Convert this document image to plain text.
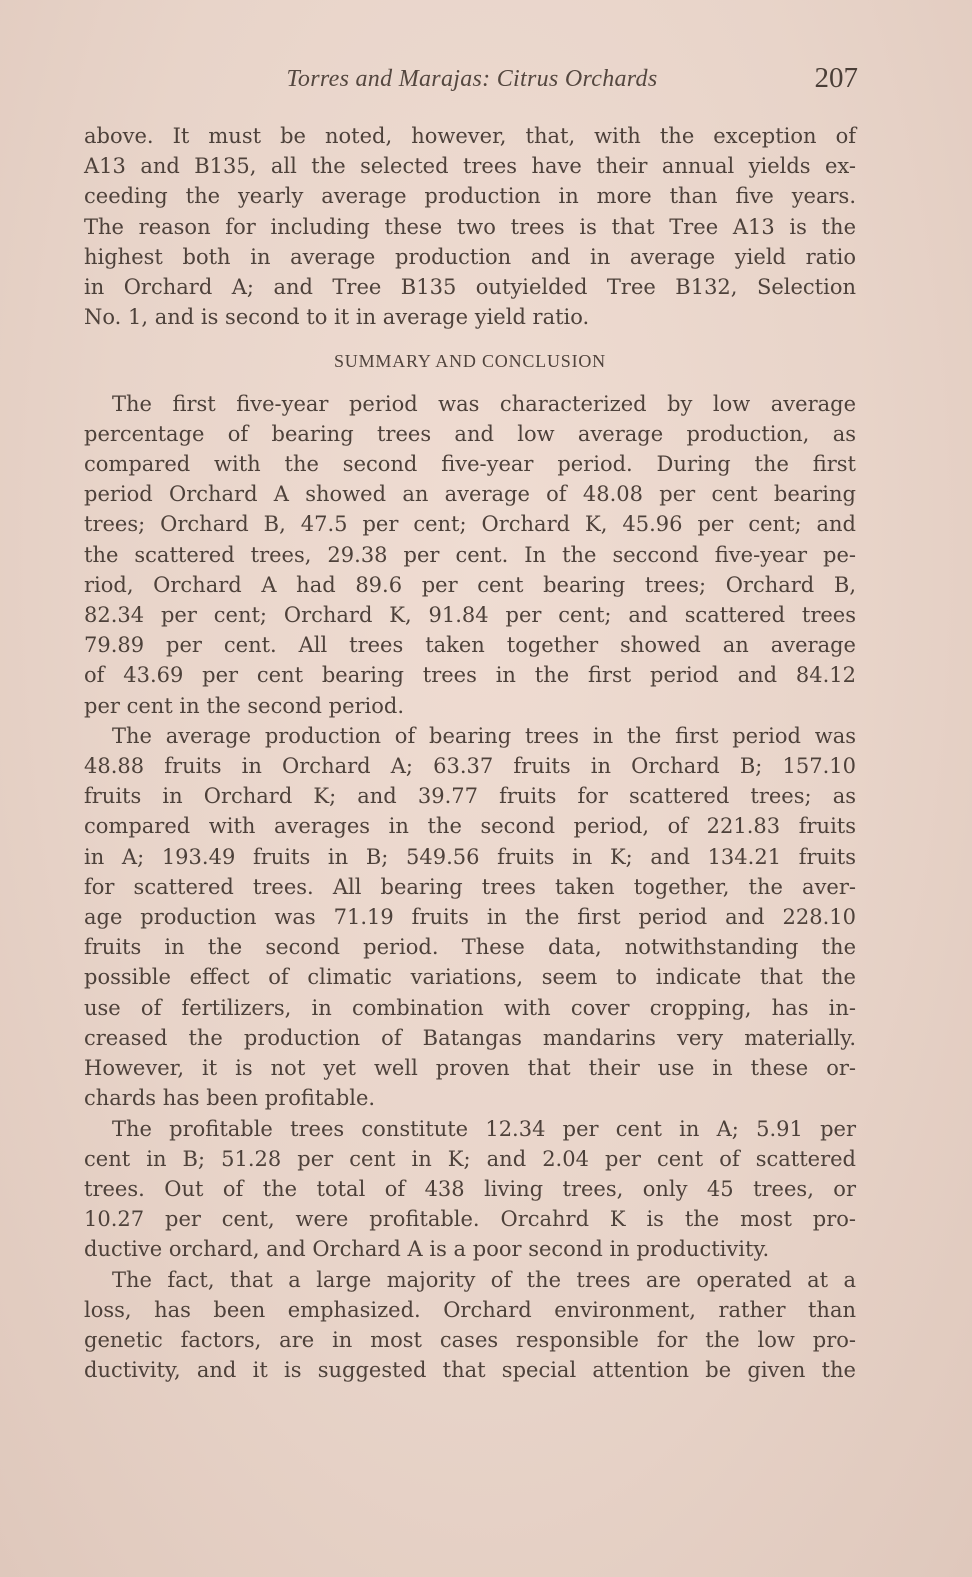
Torres and Marajas: Citrus Orchards	207

above. It must be noted, however, that, with the exception of
A13 and B135, all the selected trees have their annual yields ex-
ceeding the yearly average production in more than five years.
The reason for including these two trees is that Tree A13 is the
highest both in average production and in average yield ratio
in Orchard A; and Tree B135 outyielded Tree B132, Selection
No. 1, and is second to it in average yield ratio.

SUMMARY AND CONCLUSION

The first five-year period was characterized by low average
percentage of bearing trees and low average production, as
compared with the second five-year period. During the first
period Orchard A showed an average of 48.08 per cent bearing
trees; Orchard B, 47.5 per cent; Orchard K, 45.96 per cent; and
the scattered trees, 29.38 per cent. In the seccond five-year pe-
riod, Orchard A had 89.6 per cent bearing trees; Orchard B,
82.34 per cent; Orchard K, 91.84 per cent; and scattered trees
79.89 per cent. All trees taken together showed an average
of 43.69 per cent bearing trees in the first period and 84.12
per cent in the second period.

The average production of bearing trees in the first period was
48.88 fruits in Orchard A; 63.37 fruits in Orchard B; 157.10
fruits in Orchard K; and 39.77 fruits for scattered trees; as
compared with averages in the second period, of 221.83 fruits
in A; 193.49 fruits in B; 549.56 fruits in K; and 134.21 fruits
for scattered trees. All bearing trees taken together, the aver-
age production was 71.19 fruits in the first period and 228.10
fruits in the second period. These data, notwithstanding the
possible effect of climatic variations, seem to indicate that the
use of fertilizers, in combination with cover cropping, has in-
creased the production of Batangas mandarins very materially.
However, it is not yet well proven that their use in these or-
chards has been profitable.

The profitable trees constitute 12.34 per cent in A; 5.91 per
cent in B; 51.28 per cent in K; and 2.04 per cent of scattered
trees. Out of the total of 438 living trees, only 45 trees, or
10.27 per cent, were profitable. Orcahrd K is the most pro-
ductive orchard, and Orchard A is a poor second in productivity.

The fact, that a large majority of the trees are operated at a
loss, has been emphasized. Orchard environment, rather than
genetic factors, are in most cases responsible for the low pro-
ductivity, and it is suggested that special attention be given the
